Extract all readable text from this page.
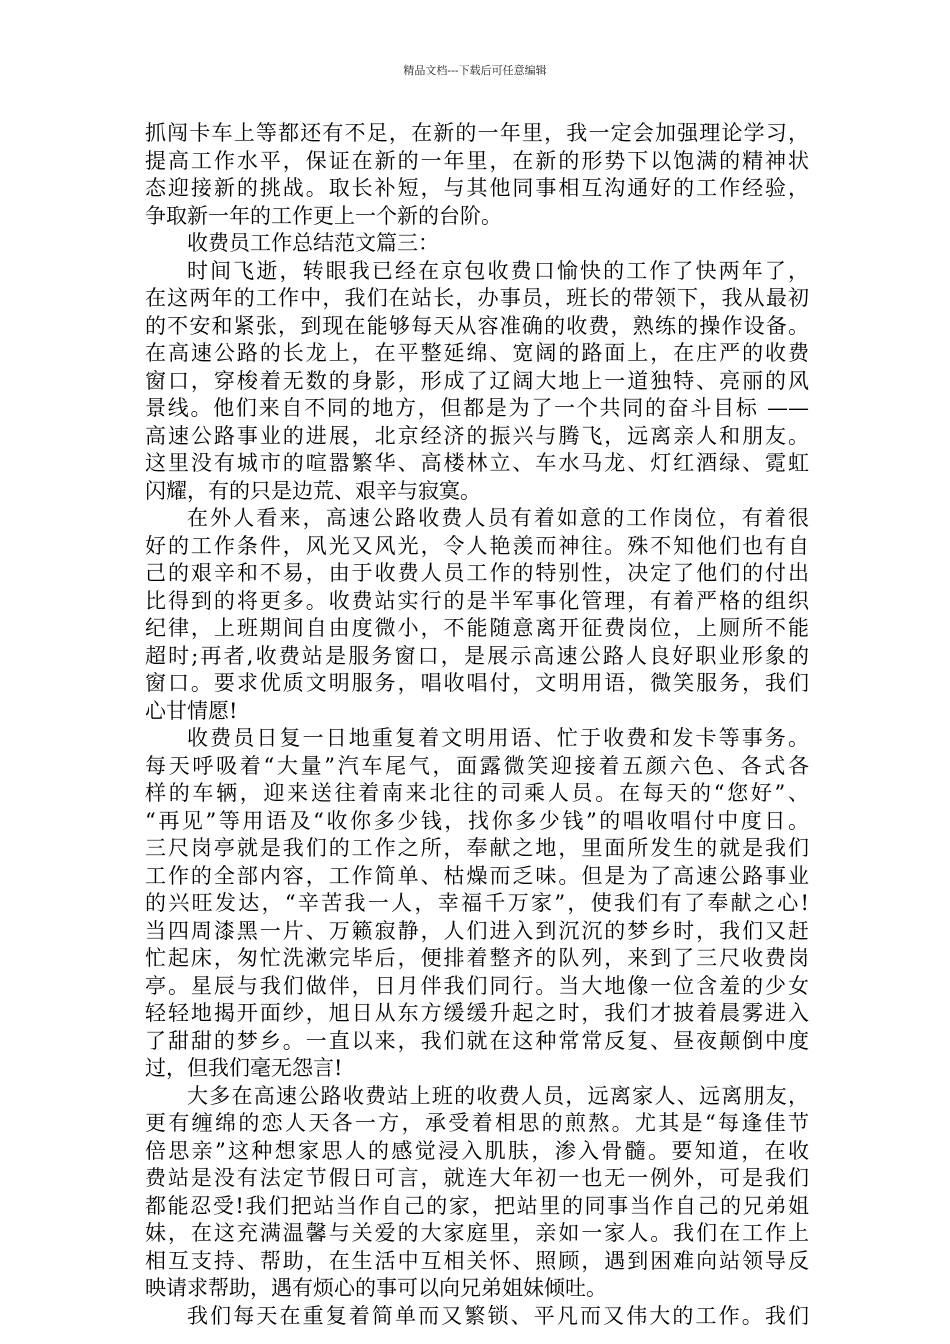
精品文档---下载后可任意编辑
抓闯卡车上等都还有不足，在新的一年里，我一定会加强理论学习，
提高工作水平，保证在新的一年里，在新的形势下以饱满的精神状
态迎接新的挑战。取长补短，与其他同事相互沟通好的工作经验，
争取新一年的工作更上一个新的台阶。
收费员工作总结范文篇三：
时间飞逝，转眼我已经在京包收费口愉快的工作了快两年了，
在这两年的工作中，我们在站长，办事员，班长的带领下，我从最初
的不安和紧张，到现在能够每天从容准确的收费，熟练的操作设备。
在高速公路的长龙上，在平整延绵、宽阔的路面上，在庄严的收费
窗口，穿梭着无数的身影，形成了辽阔大地上一道独特、亮丽的风
景线。他们来自不同的地方，但都是为了一个共同的奋斗目标 ——
高速公路事业的进展，北京经济的振兴与腾飞，远离亲人和朋友。
这里没有城市的喧嚣繁华、高楼林立、车水马龙、灯红酒绿、霓虹
闪耀，有的只是边荒、艰辛与寂寞。
在外人看来，高速公路收费人员有着如意的工作岗位，有着很
好的工作条件，风光又风光，令人艳羡而神往。殊不知他们也有自
己的艰辛和不易，由于收费人员工作的特别性，决定了他们的付出
比得到的将更多。收费站实行的是半军事化管理，有着严格的组织
纪律，上班期间自由度微小，不能随意离开征费岗位，上厕所不能
超时;再者,收费站是服务窗口，是展示高速公路人良好职业形象的
窗口。要求优质文明服务，唱收唱付，文明用语，微笑服务，我们
心甘情愿!
收费员日复一日地重复着文明用语、忙于收费和发卡等事务。
每天呼吸着“大量”汽车尾气，面露微笑迎接着五颜六色、各式各
样的车辆，迎来送往着南来北往的司乘人员。在每天的“您好”、
“再见”等用语及“收你多少钱，找你多少钱”的唱收唱付中度日。
三尺岗亭就是我们的工作之所，奉献之地，里面所发生的就是我们
工作的全部内容，工作简单、枯燥而乏味。但是为了高速公路事业
的兴旺发达，“辛苦我一人，幸福千万家”，使我们有了奉献之心!
当四周漆黑一片、万籁寂静，人们进入到沉沉的梦乡时，我们又赶
忙起床，匆忙洗漱完毕后，便排着整齐的队列，来到了三尺收费岗
亭。星辰与我们做伴，日月伴我们同行。当大地像一位含羞的少女
轻轻地揭开面纱，旭日从东方缓缓升起之时，我们才披着晨雾进入
了甜甜的梦乡。一直以来，我们就在这种常常反复、昼夜颠倒中度
过，但我们毫无怨言!
大多在高速公路收费站上班的收费人员，远离家人、远离朋友，
更有缠绵的恋人天各一方，承受着相思的煎熬。尤其是“每逢佳节
倍思亲”这种想家思人的感觉浸入肌肤，渗入骨髓。要知道，在收
费站是没有法定节假日可言，就连大年初一也无一例外，可是我们
都能忍受!我们把站当作自己的家，把站里的同事当作自己的兄弟姐
妹，在这充满温馨与关爱的大家庭里，亲如一家人。我们在工作上
相互支持、帮助，在生活中互相关怀、照顾，遇到困难向站领导反
映请求帮助，遇有烦心的事可以向兄弟姐妹倾吐。
我们每天在重复着简单而又繁锁、平凡而又伟大的工作。我们
